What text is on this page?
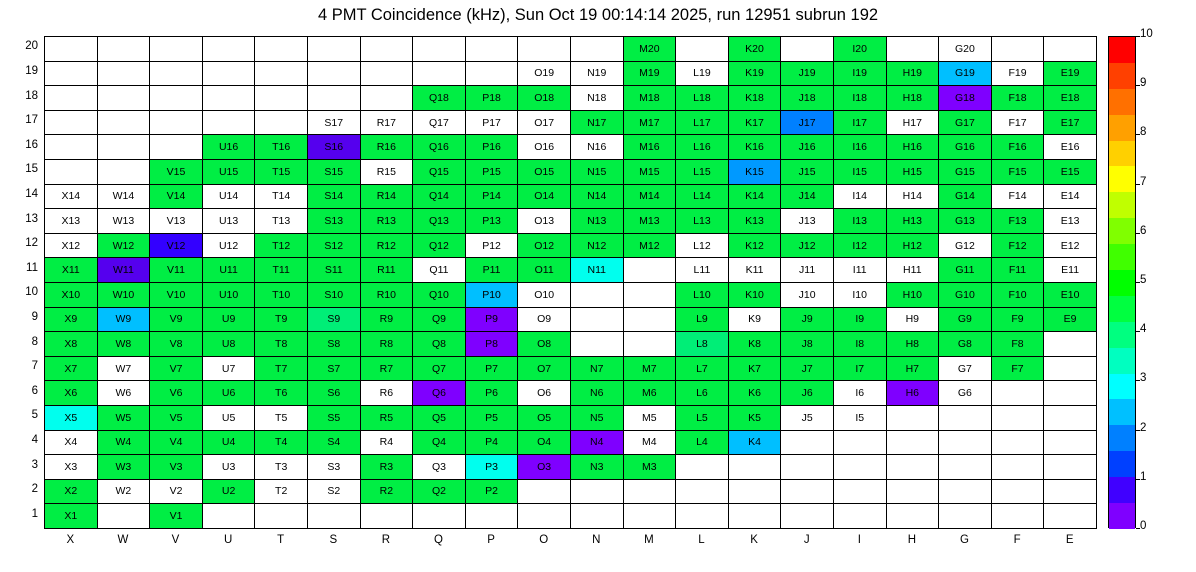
4 PMT Coincidence (kHz), Sun Oct 19 00:14:14 2025, run 12951 subrun 192
											M20		K20		I20		G20		
									O19	N19	M19	L19	K19	J19	I19	H19	G19	F19	E19
							Q18	P18	O18	N18	M18	L18	K18	J18	I18	H18	G18	F18	E18
					S17	R17	Q17	P17	O17	N17	M17	L17	K17	J17	I17	H17	G17	F17	E17
			U16	T16	S16	R16	Q16	P16	O16	N16	M16	L16	K16	J16	I16	H16	G16	F16	E16
		V15	U15	T15	S15	R15	Q15	P15	O15	N15	M15	L15	K15	J15	I15	H15	G15	F15	E15
X14	W14	V14	U14	T14	S14	R14	Q14	P14	O14	N14	M14	L14	K14	J14	I14	H14	G14	F14	E14
X13	W13	V13	U13	T13	S13	R13	Q13	P13	O13	N13	M13	L13	K13	J13	I13	H13	G13	F13	E13
X12	W12	V12	U12	T12	S12	R12	Q12	P12	O12	N12	M12	L12	K12	J12	I12	H12	G12	F12	E12
X11	W11	V11	U11	T11	S11	R11	Q11	P11	O11	N11		L11	K11	J11	I11	H11	G11	F11	E11
X10	W10	V10	U10	T10	S10	R10	Q10	P10	O10			L10	K10	J10	I10	H10	G10	F10	E10
X9	W9	V9	U9	T9	S9	R9	Q9	P9	O9			L9	K9	J9	I9	H9	G9	F9	E9
X8	W8	V8	U8	T8	S8	R8	Q8	P8	O8			L8	K8	J8	I8	H8	G8	F8	
X7	W7	V7	U7	T7	S7	R7	Q7	P7	O7	N7	M7	L7	K7	J7	I7	H7	G7	F7	
X6	W6	V6	U6	T6	S6	R6	Q6	P6	O6	N6	M6	L6	K6	J6	I6	H6	G6		
X5	W5	V5	U5	T5	S5	R5	Q5	P5	O5	N5	M5	L5	K5	J5	I5				
X4	W4	V4	U4	T4	S4	R4	Q4	P4	O4	N4	M4	L4	K4						
X3	W3	V3	U3	T3	S3	R3	Q3	P3	O3	N3	M3								
X2	W2	V2	U2	T2	S2	R2	Q2	P2											
X1		V1																	
20
19
18
17
16
15
14
13
12
11
10
9
8
7
6
5
4
3
2
1
X	W	V	U	T	S	R	Q	P	O	N	M	L	K	J	I	H	G	F	E
0
1
2
3
4
5
6
7
8
9
10
